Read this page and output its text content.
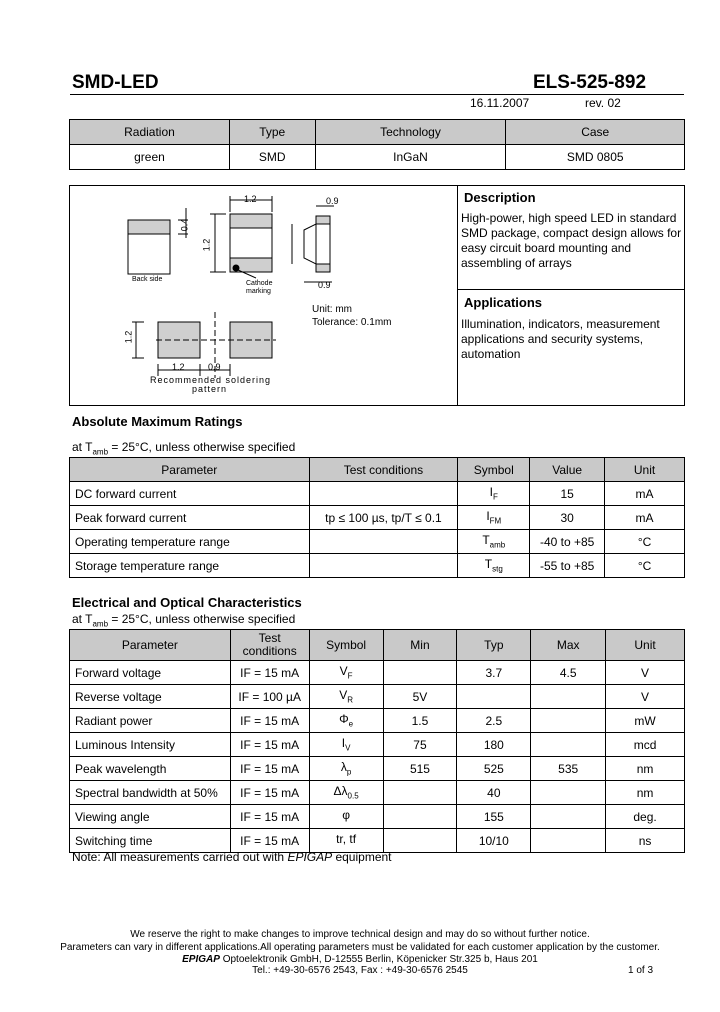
SMD-LED	ELS-525-892
16.11.2007	rev. 02
Radiation	Type	Technology	Case
green	SMD	InGaN	SMD 0805
1.2	0.9
0.4
1.2
0.9
Back side
Cathode marking
Unit: mm
Tolerance: 0.1mm
1.2	0.9
1.2
Recommended soldering
pattern
Description
High-power, high speed LED in standard SMD package, compact design allows for easy circuit board mounting and assembling of arrays
Applications
Illumination, indicators, measurement applications and security systems, automation
Absolute Maximum Ratings
at $T_{amb} = 25^\circ C$, unless otherwise specified
Parameter	Test conditions	Symbol	Value	Unit
DC forward current		$I_F$	15	mA
Peak forward current	tp ≤ 100 µs, tp/T ≤ 0.1	$I_{FM}$	30	mA
Operating temperature range		$T_{amb}$	-40 to +85	°C
Storage temperature range		$T_{stg}$	-55 to +85	°C
Electrical and Optical Characteristics
at $T_{amb} = 25^\circ C$, unless otherwise specified
Parameter	Test conditions	Symbol	Min	Typ	Max	Unit
Forward voltage	IF = 15 mA	$V_F$		3.7	4.5	V
Reverse voltage	IF = 100 µA	$V_R$	5V			V
Radiant power	IF = 15 mA	$\Phi_e$	1.5	2.5		mW
Luminous Intensity	IF = 15 mA	$I_V$	75	180		mcd
Peak wavelength	IF = 15 mA	$\lambda_p$	515	525	535	nm
Spectral bandwidth at 50%	IF = 15 mA	$\Delta\lambda_{0.5}$		40		nm
Viewing angle	IF = 15 mA	φ		155		deg.
Switching time	IF = 15 mA	tr, tf		10/10		ns
Note: All measurements carried out with EPIGAP equipment
We reserve the right to make changes to improve technical design and may do so without further notice.
Parameters can vary in different applications.All operating parameters must be validated for each customer application by the customer.
EPIGAP Optoelektronik GmbH, D-12555 Berlin, Köpenicker Str.325 b, Haus 201
Tel.: +49-30-6576 2543, Fax : +49-30-6576 2545	1 of 3
